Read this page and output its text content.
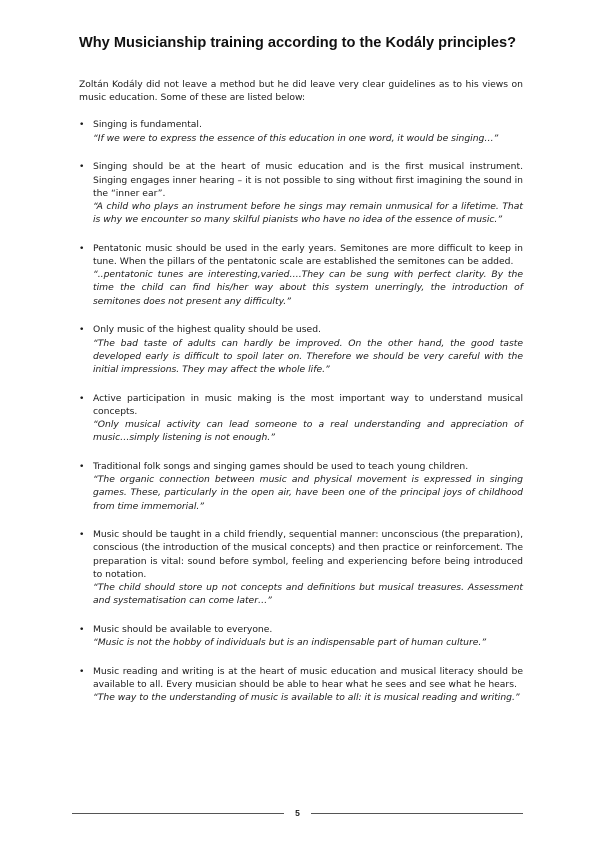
Why Musicianship training according to the Kodály principles?

Zoltán Kodály did not leave a method but he did leave very clear guidelines as to his views on music education. Some of these are listed below:

• Singing is fundamental.
“If we were to express the essence of this education in one word, it would be singing…”
• Singing should be at the heart of music education and is the first musical instrument. Singing engages inner hearing – it is not possible to sing without first imagining the sound in the “inner ear”.
“A child who plays an instrument before he sings may remain unmusical for a lifetime. That is why we encounter so many skilful pianists who have no idea of the essence of music.”
• Pentatonic music should be used in the early years. Semitones are more difficult to keep in tune. When the pillars of the pentatonic scale are established the semitones can be added.
“..pentatonic tunes are interesting,varied….They can be sung with perfect clarity. By the time the child can find his/her way about this system unerringly, the introduction of semitones does not present any difficulty.”
• Only music of the highest quality should be used.
“The bad taste of adults can hardly be improved. On the other hand, the good taste developed early is difficult to spoil later on. Therefore we should be very careful with the initial impressions. They may affect the whole life.”
• Active participation in music making is the most important way to understand musical concepts.
“Only musical activity can lead someone to a real understanding and appreciation of music…simply listening is not enough.”
• Traditional folk songs and singing games should be used to teach young children.
“The organic connection between music and physical movement is expressed in singing games. These, particularly in the open air, have been one of the principal joys of childhood from time immemorial.”
• Music should be taught in a child friendly, sequential manner: unconscious (the preparation), conscious (the introduction of the musical concepts) and then practice or reinforcement. The preparation is vital: sound before symbol, feeling and experiencing before being introduced to notation.
“The child should store up not concepts and definitions but musical treasures. Assessment and systematisation can come later…”
• Music should be available to everyone.
“Music is not the hobby of individuals but is an indispensable part of human culture.”
• Music reading and writing is at the heart of music education and musical literacy should be available to all. Every musician should be able to hear what he sees and see what he hears.
“The way to the understanding of music is available to all: it is musical reading and writing.”
5
